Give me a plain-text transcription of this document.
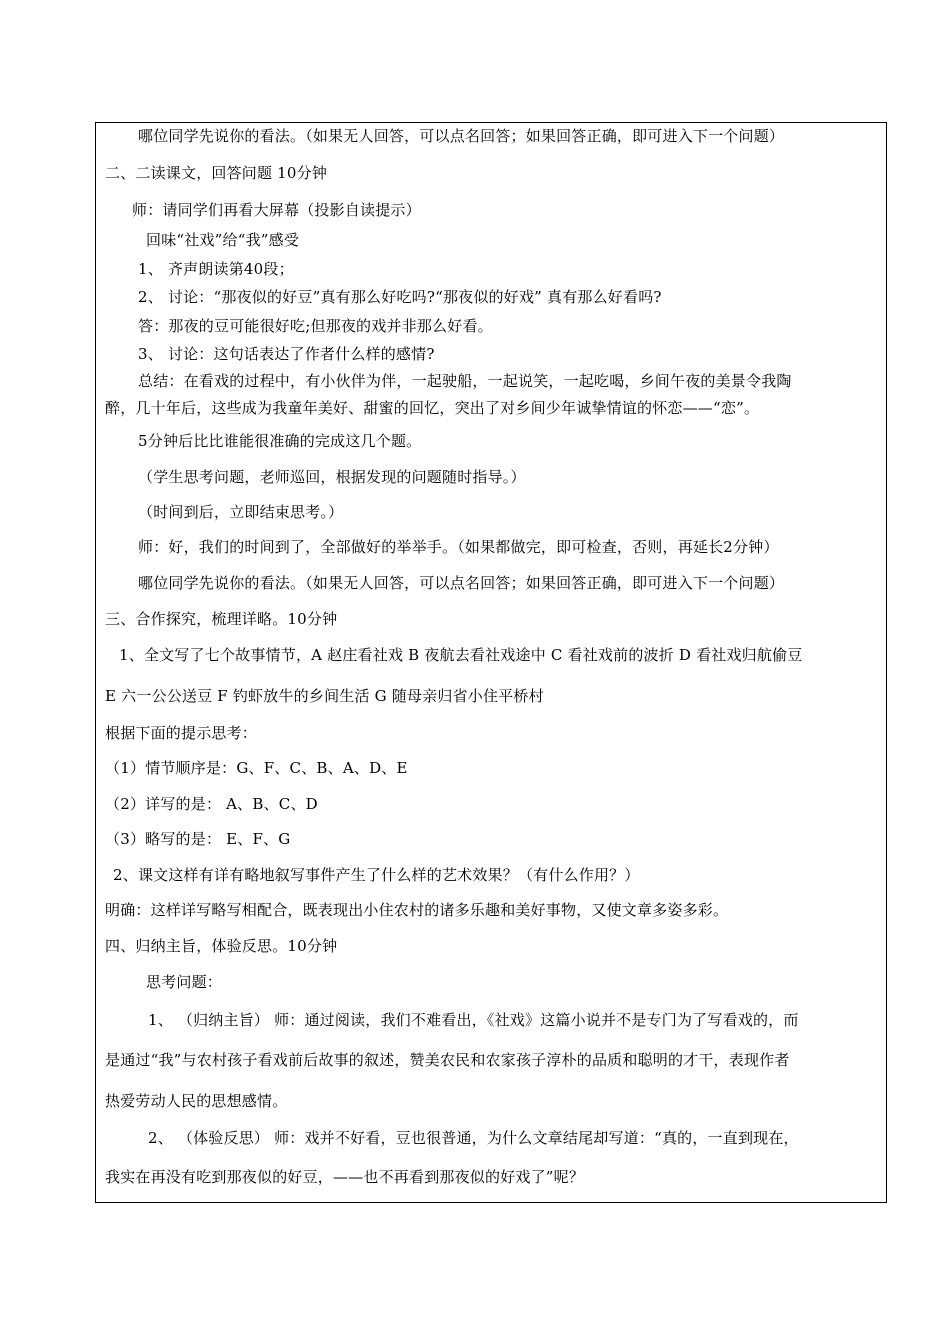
哪位同学先说你的看法。（如果无人回答，可以点名回答；如果回答正确，即可进入下一个问题）
二、二读课文，回答问题 10分钟
师：请同学们再看大屏幕（投影自读提示）
回味“社戏”给“我”感受
1、 齐声朗读第40段；
2、 讨论：“那夜似的好豆”真有那么好吃吗?“那夜似的好戏” 真有那么好看吗?
答：那夜的豆可能很好吃;但那夜的戏并非那么好看。
3、 讨论：这句话表达了作者什么样的感情?
总结：在看戏的过程中，有小伙伴为伴，一起驶船，一起说笑，一起吃喝，乡间午夜的美景令我陶
醉，几十年后，这些成为我童年美好、甜蜜的回忆，突出了对乡间少年诚挚情谊的怀恋——“恋”。
5分钟后比比谁能很准确的完成这几个题。
（学生思考问题，老师巡回，根据发现的问题随时指导。）
（时间到后，立即结束思考。）
师：好，我们的时间到了，全部做好的举举手。（如果都做完，即可检查，否则，再延长2分钟）
哪位同学先说你的看法。（如果无人回答，可以点名回答；如果回答正确，即可进入下一个问题）
三、合作探究，梳理详略。10分钟
1、全文写了七个故事情节，A 赵庄看社戏 B 夜航去看社戏途中 C 看社戏前的波折 D 看社戏归航偷豆
E 六一公公送豆 F 钓虾放牛的乡间生活 G 随母亲归省小住平桥村
根据下面的提示思考：
（1）情节顺序是：G、F、C、B、A、D、E
（2）详写的是： A、B、C、D
（3）略写的是： E、F、G
2、课文这样有详有略地叙写事件产生了什么样的艺术效果？（有什么作用？）
明确：这样详写略写相配合，既表现出小住农村的诸多乐趣和美好事物，又使文章多姿多彩。
四、归纳主旨，体验反思。10分钟
思考问题：
1、 （归纳主旨） 师：通过阅读，我们不难看出，《社戏》这篇小说并不是专门为了写看戏的，而
是通过“我”与农村孩子看戏前后故事的叙述，赞美农民和农家孩子淳朴的品质和聪明的才干，表现作者
热爱劳动人民的思想感情。
2、 （体验反思） 师：戏并不好看，豆也很普通，为什么文章结尾却写道：“真的，一直到现在，
我实在再没有吃到那夜似的好豆，——也不再看到那夜似的好戏了”呢？
